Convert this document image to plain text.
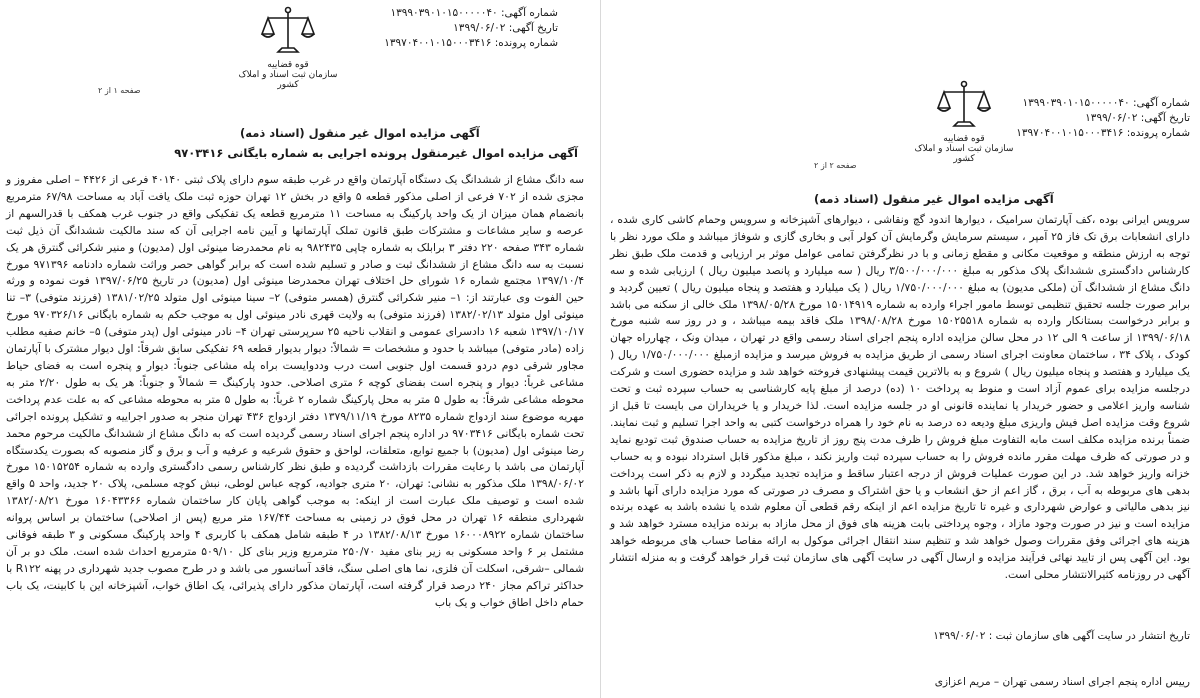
شماره آگهی: ۱۳۹۹۰۳۹۰۱۰۱۵۰۰۰۰۰۴۰
تاریخ آگهی: ۱۳۹۹/۰۶/۰۲
شماره پرونده: ۱۳۹۷۰۴۰۰۱۰۱۵۰۰۰۳۴۱۶
قوه قضاییه
سازمان ثبت اسناد و املاک کشور
صفحه ۱ از ۲
آگهی مزایده اموال غیر منقول (اسناد ذمه)
آگهی مزایده اموال غیرمنقول پرونده اجرایی به شماره بایگانی ۹۷۰۳۴۱۶
سه دانگ مشاع از ششدانگ یک دستگاه آپارتمان واقع در غرب طبقه سوم دارای پلاک ثبتی ۴۰۱۴۰ فرعی از ۴۴۲۶ – اصلی مفروز و مجزی شده از ۷۰۲ فرعی از اصلی مذکور قطعه ۵ واقع در بخش ۱۲ تهران حوزه ثبت ملک یافت آباد به مساحت ۶۷/۹۸ مترمربع بانضمام همان میزان از یک واحد پارکینگ به مساحت ۱۱ مترمربع قطعه یک تفکیکی واقع در جنوب غرب همکف با قدرالسهم از عرصه و سایر مشاعات و مشترکات طبق قانون تملک آپارتمانها و آیین نامه اجرایی آن که سند مالکیت ششدانگ آن ذیل ثبت شماره ۳۴۳ صفحه ۲۲۰ دفتر ۳ برابلک به شماره چاپی ۹۸۲۴۳۵ به نام محمدرضا مینوئی اول (مدیون) و منیر شکرائی گنترق هر یک نسبت به سه دانگ مشاع از ششدانگ ثبت و صادر و تسلیم شده است که برابر گواهی حصر وراثت شماره دادنامه ۹۷۱۳۹۶ مورخ ۱۳۹۷/۱۰/۴ مجتمع شماره ۱۶ شورای حل اختلاف تهران محمدرضا مینوئی اول (مدیون) در تاریخ ۱۳۹۷/۰۶/۲۵ فوت نموده و ورثه حین الفوت وی عبارتند از: ۱– منیر شکرائی گنترق (همسر متوفی) ۲– سینا مینوئی اول متولد ۱۳۸۱/۰۲/۲۵ (فرزند متوفی) ۳– تنا مینوئی اول متولد ۱۳۸۲/۰۲/۱۳ (فرزند متوفی) به ولایت قهری نادر مینوئی اول به موجب حکم به شماره بایگانی ۹۷۰۳۲۶/۱۶ مورخ ۱۳۹۷/۱۰/۱۷ شعبه ۱۶ دادسرای عمومی و انقلاب ناحیه ۲۵ سرپرستی تهران ۴– نادر مینوئی اول (پدر متوفی) ۵– خانم صفیه مطلب زاده (مادر متوفی) میباشد با حدود و مشخصات = شمالاً: دیوار بدیوار قطعه ۶۹ تفکیکی سابق شرقاً: اول دیوار مشترک با آپارتمان مجاور شرقی دوم دردو قسمت اول جنوبی است درب وددوایست براه پله مشاعی جنوباً: دیوار و پنجره است به فضای حیاط مشاعی غرباً: دیوار و پنجره است بفضای کوچه ۶ متری اصلاحی. حدود پارکینگ = شمالاً و جنوباً: هر یک به طول ۲/۲۰ متر به محوطه مشاعی شرقاً: به طول ۵ متر به محل پارکینگ شماره ۲ غرباً: به طول ۵ متر به محوطه مشاعی که به علت عدم پرداخت مهریه موضوع سند ازدواج شماره ۸۲۳۵ مورخ ۱۳۷۹/۱۱/۱۹ دفتر ازدواج ۴۳۶ تهران منجر به صدور اجراییه و تشکیل پرونده اجرائی تحت شماره بایگانی ۹۷۰۳۴۱۶ در اداره پنجم اجرای اسناد رسمی گردیده است که به دانگ مشاع از ششدانگ مالکیت مرحوم محمد رضا مینوئی اول (مدیون) با جمیع توابع، متعلقات، لواحق و حقوق شرعیه و عرفیه و آب و برق و گاز منصوبه که بصورت یکدستگاه آپارتمان می باشد با رعایت مقررات بازداشت گردیده و طبق نظر کارشناس رسمی دادگستری وارده به شماره ۱۵۰۱۵۲۵۴ مورخ ۱۳۹۸/۰۶/۰۲ ملک مذکور به نشانی: تهران، ۲۰ متری جوادیه، کوچه عباس لوطی، نبش کوچه مسلمی، پلاک ۲۰ جدید، واحد ۵ واقع شده است و توصیف ملک عبارت است از اینکه: به موجب گواهی پایان کار ساختمان شماره ۱۶۰۴۳۳۶۶ مورخ ۱۳۸۲/۰۸/۲۱ شهرداری منطقه ۱۶ تهران در محل فوق در زمینی به مساحت ۱۶۷/۴۴ متر مربع (پس از اصلاحی) ساختمان بر اساس پروانه ساختمان شماره ۱۶۰۰۰۸۹۲۲ مورخ ۱۳۸۲/۰۸/۱۳ در ۴ طبقه شامل همکف با کاربری ۴ واحد پارکینگ مسکونی و ۳ طبقه فوقانی مشتمل بر ۶ واحد مسکونی به زیر بنای مفید ۲۵۰/۷۰ مترمربع وزیر بنای کل ۵۰۹/۱۰ مترمربع احداث شده است. ملک دو بر آن شمالی –شرقی، اسکلت آن فلزی، نما های اصلی سنگ، فاقد آسانسور می باشد و در طرح مصوب جدید شهرداری در پهنه R۱۲۲ با حداکثر تراکم مجاز ۲۴۰ درصد قرار گرفته است، آپارتمان مذکور دارای پذیرائی، یک اطاق خواب، آشپزخانه این با کابینت، یک باب حمام داخل اطاق خواب و یک باب
شماره آگهی: ۱۳۹۹۰۳۹۰۱۰۱۵۰۰۰۰۰۴۰
تاریخ آگهی: ۱۳۹۹/۰۶/۰۲
شماره پرونده: ۱۳۹۷۰۴۰۰۱۰۱۵۰۰۰۳۴۱۶
قوه قضاییه
سازمان ثبت اسناد و املاک کشور
صفحه ۲ از ۲
آگهی مزایده اموال غیر منقول (اسناد ذمه)
سرویس ایرانی بوده ،کف آپارتمان سرامیک ، دیوارها اندود گچ ونقاشی ، دیوارهای آشپزخانه و سرویس وحمام کاشی کاری شده ، دارای انشعابات برق تک فاز ۲۵ آمپر ، سیستم سرمایش وگرمایش آن کولر آبی و بخاری گازی و شوفاژ میباشد و ملک مورد نظر با توجه به ارزش منطقه و موقعیت مکانی و مقطع زمانی و با در نظرگرفتن تمامی عوامل موثر بر ارزیابی و قدمت ملک طبق نظر کارشناس دادگستری ششدانگ پلاک مذکور به مبلغ ۳/۵۰۰/۰۰۰/۰۰۰ ریال ( سه میلیارد و پانصد میلیون ریال ) ارزیابی شده و سه دانگ مشاع از ششدانگ آن (ملکی مدیون) به مبلغ ۱/۷۵۰/۰۰۰/۰۰۰ ریال ( یک میلیارد و هفتصد و پنجاه میلیون ریال ) تعیین گردید و برابر صورت جلسه تحقیق تنظیمی توسط مامور اجراء وارده به شماره ۱۵۰۱۴۹۱۹ مورخ ۱۳۹۸/۰۵/۲۸ ملک خالی از سکنه می باشد و برابر درخواست بستانکار وارده به شماره ۱۵۰۲۵۵۱۸ مورخ ۱۳۹۸/۰۸/۲۸ ملک فاقد بیمه میباشد ، و در روز سه شنبه مورخ ۱۳۹۹/۰۶/۱۸ از ساعت ۹ الی ۱۲ در محل سالن مزایده اداره پنجم اجرای اسناد رسمی واقع در تهران ، میدان ونک ، چهارراه جهان کودک ، پلاک ۳۴ ، ساختمان معاونت اجرای اسناد رسمی از طریق مزایده به فروش میرسد و مزایده ازمبلغ ۱/۷۵۰/۰۰۰/۰۰۰ ریال ( یک میلیارد و هفتصد و پنجاه میلیون ریال ) شروع و به بالاترین قیمت پیشنهادی فروخته خواهد شد و مزایده حضوری است و شرکت درجلسه مزایده برای عموم آزاد است و منوط به پرداخت ۱۰ (ده) درصد از مبلغ پایه کارشناسی به حساب سپرده ثبت و تحت شناسه واریز اعلامی و حضور خریدار یا نماینده قانونی او در جلسه مزایده است. لذا خریدار و یا خریداران می بایست تا قبل از شروع وقت مزایده اصل فیش واریزی مبلغ ودیعه ده درصد به نام خود را همراه درخواست کتبی به واحد اجرا تسلیم و ثبت نمایند. ضمناً برنده مزایده مکلف است مابه التفاوت مبلغ فروش را ظرف مدت پنج روز از تاریخ مزایده به حساب صندوق ثبت تودیع نماید و در صورتی که ظرف مهلت مقرر مانده فروش را به حساب سپرده ثبت واریز نکند ، مبلغ مذکور قابل استرداد نبوده و به حساب خزانه واریز خواهد شد. در این صورت عملیات فروش از درجه اعتبار ساقط و مزایده تجدید میگردد و لازم به ذکر است پرداخت بدهی های مربوطه به آب ، برق ، گاز اعم از حق انشعاب و یا حق اشتراک و مصرف در صورتی که مورد مزایده دارای آنها باشد و نیز بدهی مالیاتی و عوارض شهرداری و غیره تا تاریخ مزایده اعم از اینکه رقم قطعی آن معلوم شده یا نشده باشد به عهده برنده مزایده است و نیز در صورت وجود مازاد ، وجوه پرداختی بابت هزینه های فوق از محل مازاد به برنده مزایده مسترد خواهد شد و هزینه های اجرائی وفق مقررات وصول خواهد شد و تنظیم سند انتقال اجرائی موکول به ارائه مفاصا حساب های مربوطه خواهد بود. این آگهی پس از تایید نهائی فرآیند مزایده و ارسال آگهی در سایت آگهی های سازمان ثبت قرار خواهد گرفت و به منزله انتشار آگهی در روزنامه کثیرالانتشار محلی است.
تاریخ انتشار در سایت آگهی های سازمان ثبت : ۱۳۹۹/۰۶/۰۲
رییس اداره پنجم اجرای اسناد رسمی تهران – مریم اعزازی
